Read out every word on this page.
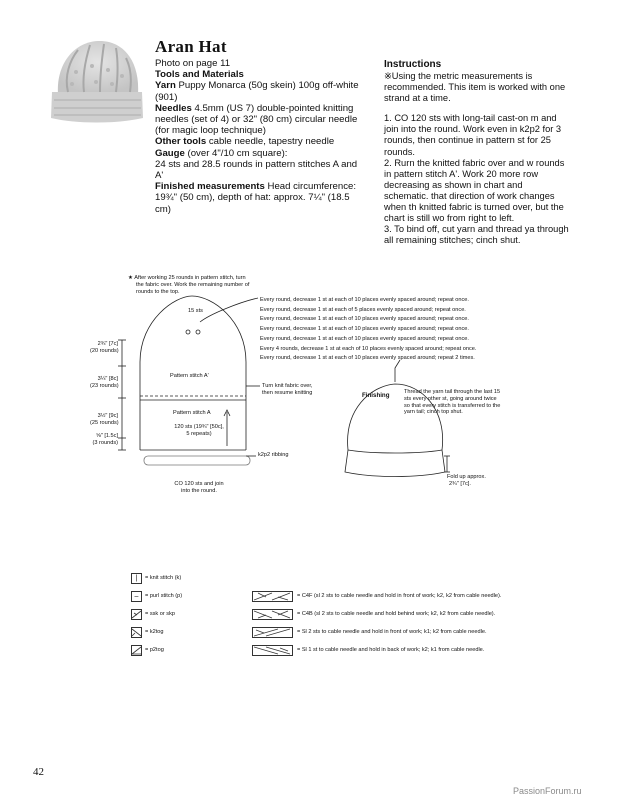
Aran Hat
Photo on page 11
Tools and Materials
Yarn Puppy Monarca (50g skein) 100g off-white (901)
Needles 4.5mm (US 7) double-pointed knitting needles (set of 4) or 32" (80 cm) circular needle (for magic loop technique)
Other tools cable needle, tapestry needle
Gauge (over 4"/10 cm square):
24 sts and 28.5 rounds in pattern stitches A and A'
Finished measurements Head circumference:
19¾" (50 cm), depth of hat: approx. 7¼" (18.5 cm)
Instructions

※Using the metric measurements is recommended. This item is worked with one strand at a time.

1. CO 120 sts with long-tail cast-on m and join into the round. Work even in k2p2 for 3 rounds, then continue in pattern st for 25 rounds.

2. Rurn the knitted fabric over and w rounds in pattern stitch A'. Work 20 more row decreasing as shown in chart and schematic. that direction of work changes when th knitted fabric is turned over, but the chart is still wo from right to left.

3. To bind off, cut yarn and thread ya through all remaining stitches; cinch shut.

★ After working 25 rounds in pattern stitch, turn
the fabric over. Work the remaining number of
rounds to the top.
15 sts
Every round, decrease 1 st at each of 10 places evenly spaced around; repeat once.
Every round, decrease 1 st at each of 5 places evenly spaced around; repeat once.
Every round, decrease 1 st at each of 10 places evenly spaced around; repeat once.
Every round, decrease 1 st at each of 10 places evenly spaced around; repeat once.
Every round, decrease 1 st at each of 10 places evenly spaced around; repeat once.
Every 4 rounds, decrease 1 st at each of 10 places evenly spaced around; repeat once.
Every round, decrease 1 st at each of 10 places evenly spaced around; repeat 2 times.
2¾" [7c]
(20 rounds)
3¼" [8c]
(23 rounds)
3½" [9c]
(25 rounds)
⅝" [1.5c]
(3 rounds)
Pattern stitch A'
Pattern stitch A
Turn knit fabric over,
then resume knitting
120 sts (19¾" [50c],
5 repeats)
k2p2 ribbing
CO 120 sts and join
into the round.
Finishing	Thread the yarn tail through the last 15
sts every other st, going around twice
so that every stitch is transferred to the
yarn tail; cinch top shut.
Fold up approx.
2¾" [7c].
|	= knit stitch (k)
–	= purl stitch (p)
= ssk or skp
= k2tog
= p2tog
= C4F (sl 2 sts to cable needle and hold in front of work; k2, k2 from cable needle).
= C4B (sl 2 sts to cable needle and hold behind work; k2, k2 from cable needle).
= Sl 2 sts to cable needle and hold in front of work; k1; k2 from cable needle.
= Sl 1 st to cable needle and hold in back of work; k2; k1 from cable needle.
42
PassionForum.ru
